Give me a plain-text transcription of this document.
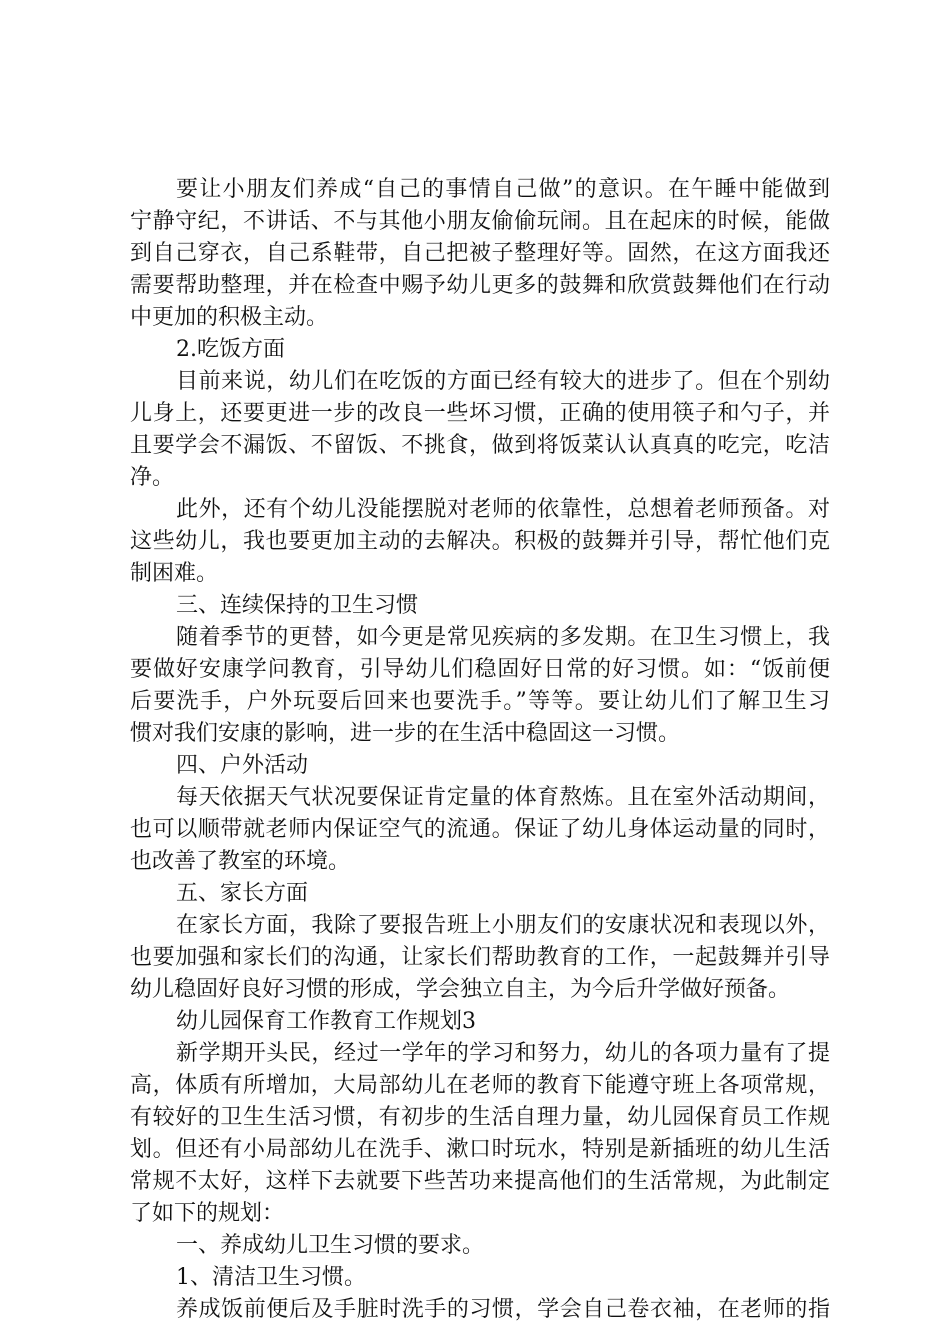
要让小朋友们养成“自己的事情自己做”的意识。在午睡中能做到
宁静守纪，不讲话、不与其他小朋友偷偷玩闹。且在起床的时候，能做
到自己穿衣，自己系鞋带，自己把被子整理好等。固然，在这方面我还
需要帮助整理，并在检查中赐予幼儿更多的鼓舞和欣赏鼓舞他们在行动
中更加的积极主动。
2.吃饭方面
目前来说，幼儿们在吃饭的方面已经有较大的进步了。但在个别幼
儿身上，还要更进一步的改良一些坏习惯，正确的使用筷子和勺子，并
且要学会不漏饭、不留饭、不挑食，做到将饭菜认认真真的吃完，吃洁
净。
此外，还有个幼儿没能摆脱对老师的依靠性，总想着老师预备。对
这些幼儿，我也要更加主动的去解决。积极的鼓舞并引导，帮忙他们克
制困难。
三、连续保持的卫生习惯
随着季节的更替，如今更是常见疾病的多发期。在卫生习惯上，我
要做好安康学问教育，引导幼儿们稳固好日常的好习惯。如：“饭前便
后要洗手，户外玩耍后回来也要洗手。”等等。要让幼儿们了解卫生习
惯对我们安康的影响，进一步的在生活中稳固这一习惯。
四、户外活动
每天依据天气状况要保证肯定量的体育熬炼。且在室外活动期间，
也可以顺带就老师内保证空气的流通。保证了幼儿身体运动量的同时，
也改善了教室的环境。
五、家长方面
在家长方面，我除了要报告班上小朋友们的安康状况和表现以外，
也要加强和家长们的沟通，让家长们帮助教育的工作，一起鼓舞并引导
幼儿稳固好良好习惯的形成，学会独立自主，为今后升学做好预备。
幼儿园保育工作教育工作规划3
新学期开头民，经过一学年的学习和努力，幼儿的各项力量有了提
高，体质有所增加，大局部幼儿在老师的教育下能遵守班上各项常规，
有较好的卫生生活习惯，有初步的生活自理力量，幼儿园保育员工作规
划。但还有小局部幼儿在洗手、漱口时玩水，特别是新插班的幼儿生活
常规不太好，这样下去就要下些苦功来提高他们的生活常规，为此制定
了如下的规划：
一、养成幼儿卫生习惯的要求。
1、清洁卫生习惯。
养成饭前便后及手脏时洗手的习惯，学会自己卷衣袖，在老师的指
